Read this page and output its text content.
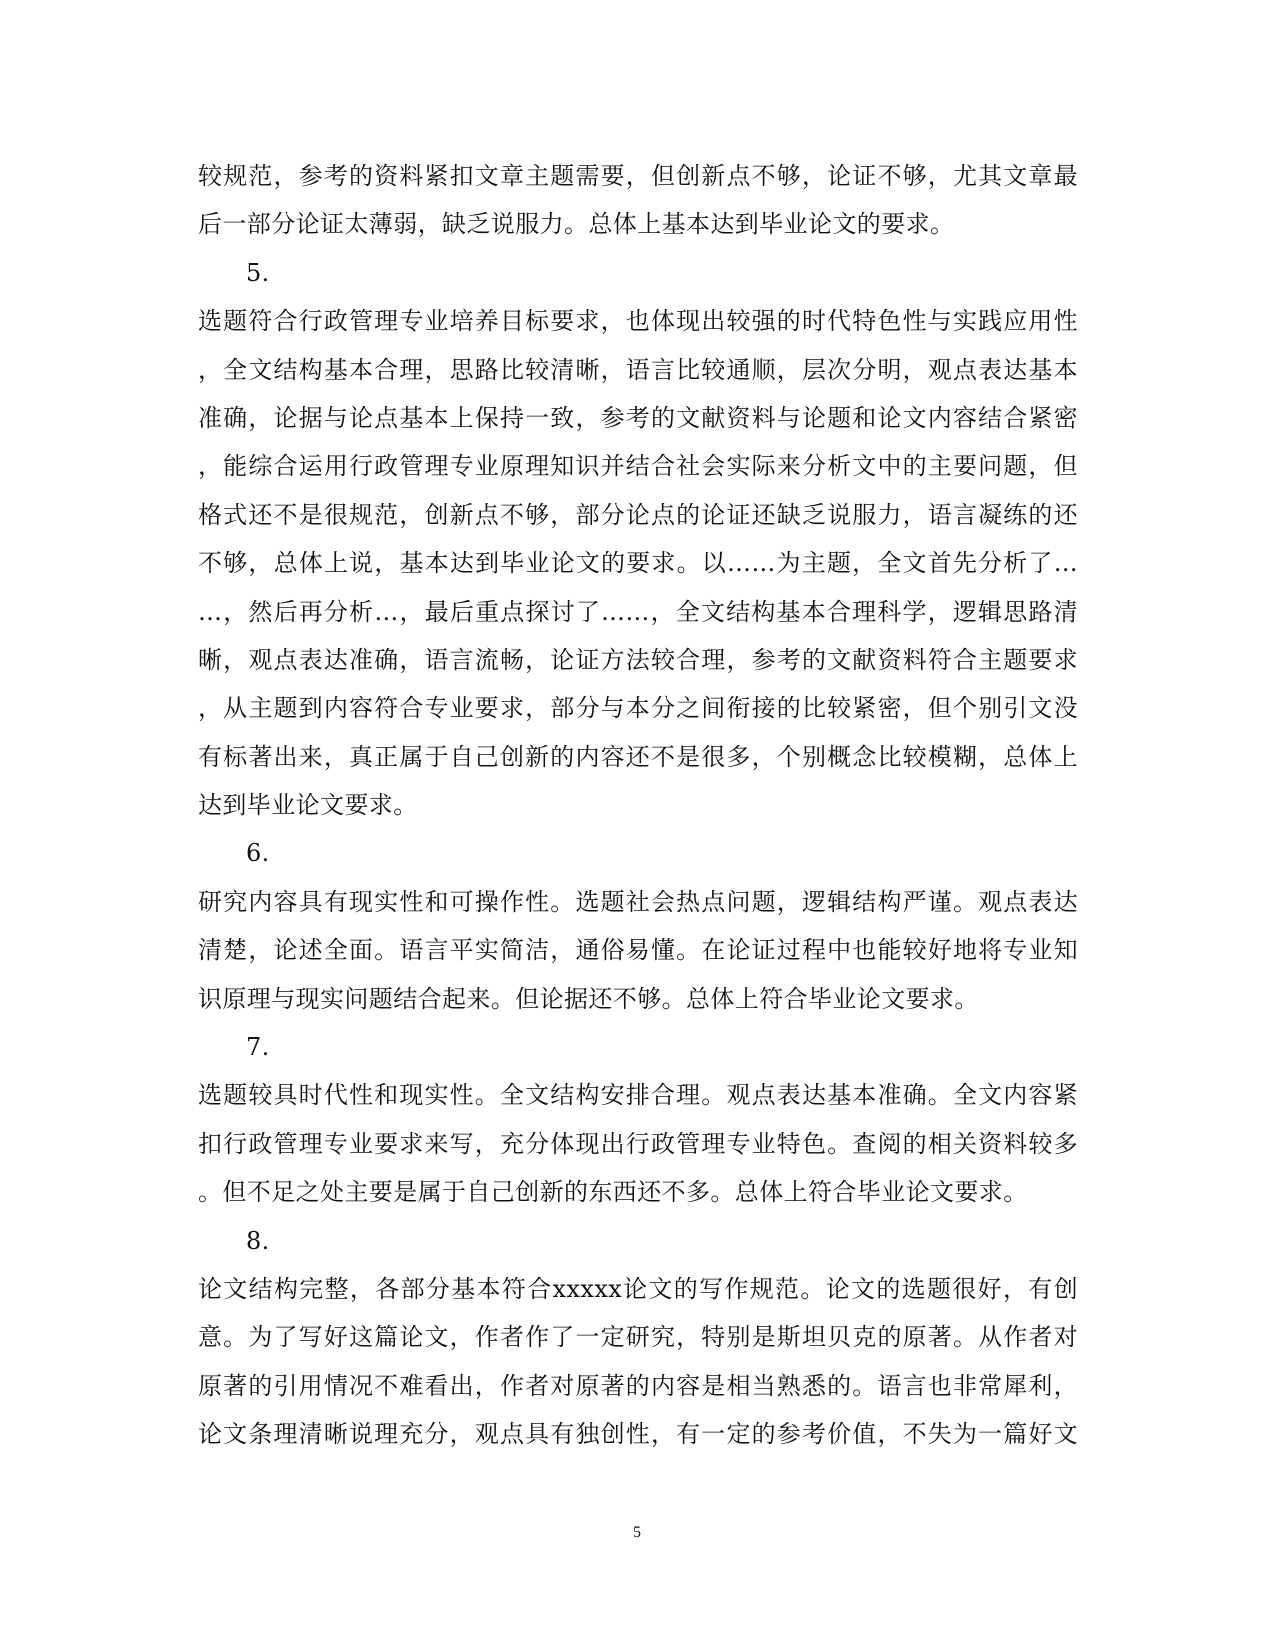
较规范，参考的资料紧扣文章主题需要，但创新点不够，论证不够，尤其文章最
后一部分论证太薄弱，缺乏说服力。总体上基本达到毕业论文的要求。
5.
选题符合行政管理专业培养目标要求，也体现出较强的时代特色性与实践应用性
，全文结构基本合理，思路比较清晰，语言比较通顺，层次分明，观点表达基本
准确，论据与论点基本上保持一致，参考的文献资料与论题和论文内容结合紧密
，能综合运用行政管理专业原理知识并结合社会实际来分析文中的主要问题，但
格式还不是很规范，创新点不够，部分论点的论证还缺乏说服力，语言凝练的还
不够，总体上说，基本达到毕业论文的要求。以……为主题，全文首先分析了…
…，然后再分析…，最后重点探讨了……，全文结构基本合理科学，逻辑思路清
晰，观点表达准确，语言流畅，论证方法较合理，参考的文献资料符合主题要求
，从主题到内容符合专业要求，部分与本分之间衔接的比较紧密，但个别引文没
有标著出来，真正属于自己创新的内容还不是很多，个别概念比较模糊，总体上
达到毕业论文要求。
6.
研究内容具有现实性和可操作性。选题社会热点问题，逻辑结构严谨。观点表达
清楚，论述全面。语言平实简洁，通俗易懂。在论证过程中也能较好地将专业知
识原理与现实问题结合起来。但论据还不够。总体上符合毕业论文要求。
7.
选题较具时代性和现实性。全文结构安排合理。观点表达基本准确。全文内容紧
扣行政管理专业要求来写，充分体现出行政管理专业特色。查阅的相关资料较多
。但不足之处主要是属于自己创新的东西还不多。总体上符合毕业论文要求。
8.
论文结构完整，各部分基本符合xxxxx论文的写作规范。论文的选题很好，有创
意。为了写好这篇论文，作者作了一定研究，特别是斯坦贝克的原著。从作者对
原著的引用情况不难看出，作者对原著的内容是相当熟悉的。语言也非常犀利，
论文条理清晰说理充分，观点具有独创性，有一定的参考价值，不失为一篇好文
5
